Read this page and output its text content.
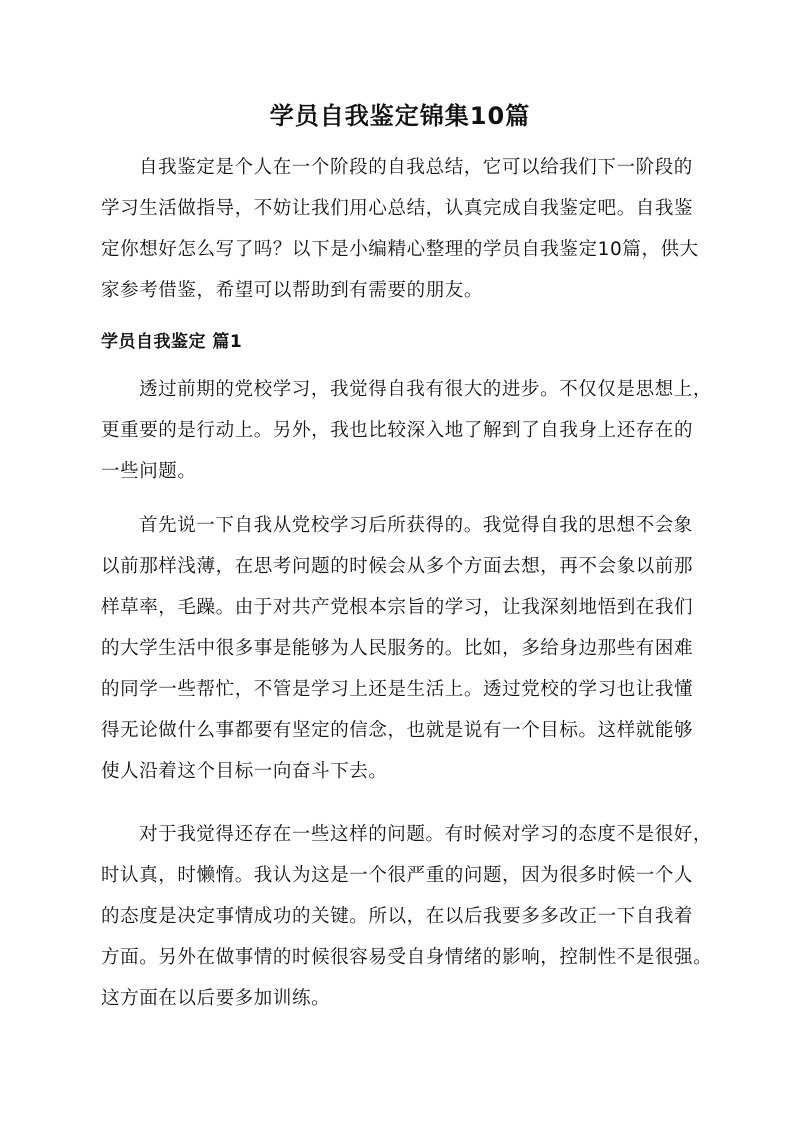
学员自我鉴定锦集10篇
自我鉴定是个人在一个阶段的自我总结，它可以给我们下一阶段的
学习生活做指导，不妨让我们用心总结，认真完成自我鉴定吧。自我鉴
定你想好怎么写了吗？以下是小编精心整理的学员自我鉴定10篇，供大
家参考借鉴，希望可以帮助到有需要的朋友。
学员自我鉴定 篇1
透过前期的党校学习，我觉得自我有很大的进步。不仅仅是思想上，
更重要的是行动上。另外，我也比较深入地了解到了自我身上还存在的
一些问题。
首先说一下自我从党校学习后所获得的。我觉得自我的思想不会象
以前那样浅薄，在思考问题的时候会从多个方面去想，再不会象以前那
样草率，毛躁。由于对共产党根本宗旨的学习，让我深刻地悟到在我们
的大学生活中很多事是能够为人民服务的。比如，多给身边那些有困难
的同学一些帮忙，不管是学习上还是生活上。透过党校的学习也让我懂
得无论做什么事都要有坚定的信念，也就是说有一个目标。这样就能够
使人沿着这个目标一向奋斗下去。
对于我觉得还存在一些这样的问题。有时候对学习的态度不是很好，
时认真，时懒惰。我认为这是一个很严重的问题，因为很多时候一个人
的态度是决定事情成功的关键。所以，在以后我要多多改正一下自我着
方面。另外在做事情的时候很容易受自身情绪的影响，控制性不是很强。
这方面在以后要多加训练。
